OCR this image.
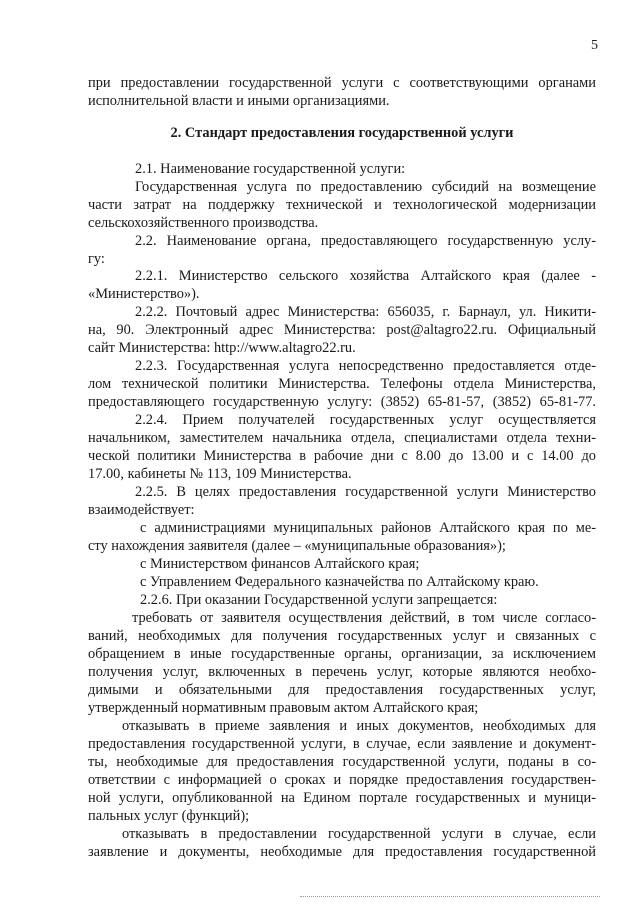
5
при предоставлении государственной услуги с соответствующими органами
исполнительной власти и иными организациями.
2. Стандарт предоставления государственной услуги
2.1. Наименование государственной услуги:
Государственная услуга по предоставлению субсидий на возмещение
части затрат на поддержку технической и технологической модернизации
сельскохозяйственного производства.
2.2. Наименование органа, предоставляющего государственную услу-
гу:
2.2.1. Министерство сельского хозяйства Алтайского края (далее -
«Министерство»).
2.2.2. Почтовый адрес Министерства: 656035, г. Барнаул, ул. Никити-
на, 90. Электронный адрес Министерства: post@altagro22.ru. Официальный
сайт Министерства: http://www.altagro22.ru.
2.2.3. Государственная услуга непосредственно предоставляется отде-
лом технической политики Министерства. Телефоны отдела Министерства,
предоставляющего государственную услугу: (3852) 65-81-57, (3852) 65-81-77.
2.2.4. Прием получателей государственных услуг осуществляется
начальником, заместителем начальника отдела, специалистами отдела техни-
ческой политики Министерства в рабочие дни с 8.00 до 13.00 и с 14.00 до
17.00, кабинеты № 113, 109 Министерства.
2.2.5. В целях предоставления государственной услуги Министерство
взаимодействует:
с администрациями муниципальных районов Алтайского края по ме-
сту нахождения заявителя (далее – «муниципальные образования»);
с Министерством финансов Алтайского края;
с Управлением Федерального казначейства по Алтайскому краю.
2.2.6. При оказании Государственной услуги запрещается:
требовать от заявителя осуществления действий, в том числе согласо-
ваний, необходимых для получения государственных услуг и связанных с
обращением в иные государственные органы, организации, за исключением
получения услуг, включенных в перечень услуг, которые являются необхо-
димыми и обязательными для предоставления государственных услуг,
утвержденный нормативным правовым актом Алтайского края;
отказывать в приеме заявления и иных документов, необходимых для
предоставления государственной услуги, в случае, если заявление и документ-
ты, необходимые для предоставления государственной услуги, поданы в со-
ответствии с информацией о сроках и порядке предоставления государствен-
ной услуги, опубликованной на Едином портале государственных и муници-
пальных услуг (функций);
отказывать в предоставлении государственной услуги в случае, если
заявление и документы, необходимые для предоставления государственной
